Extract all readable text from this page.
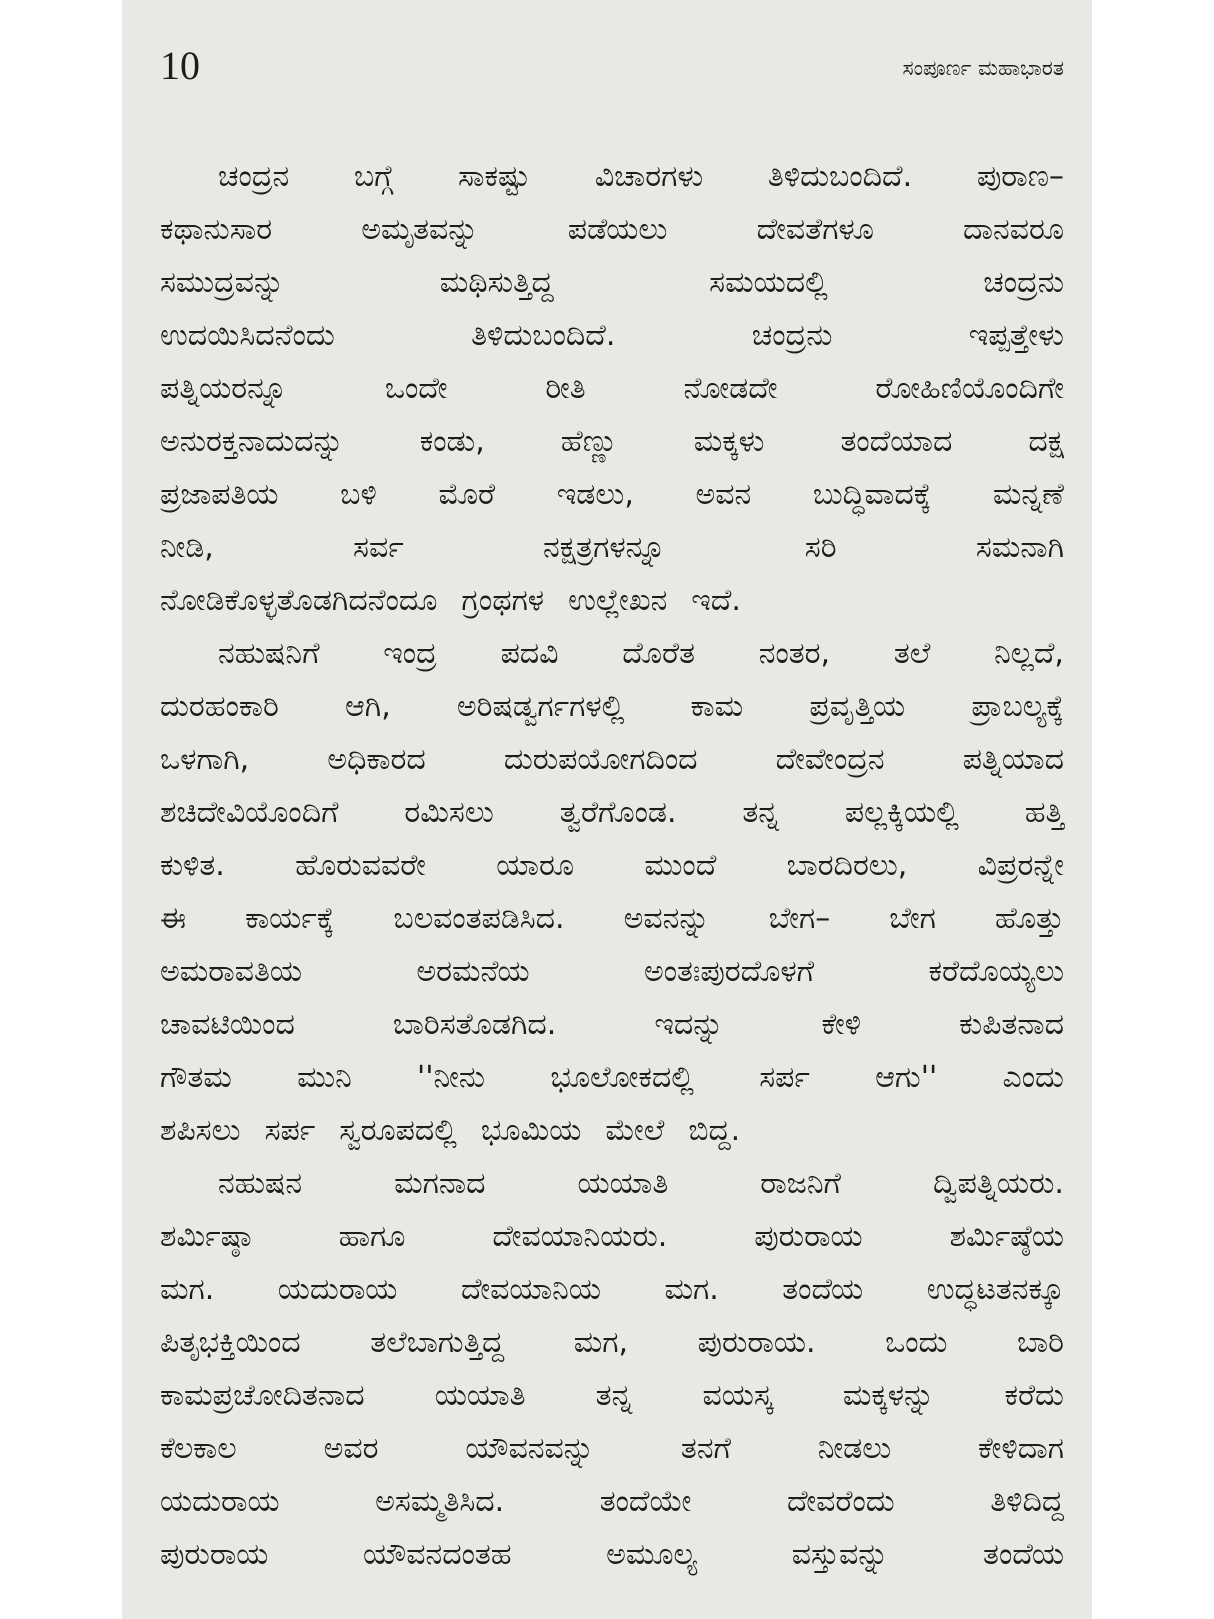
10	ಸಂಪೂರ್ಣ ಮಹಾಭಾರತ
ಚಂದ್ರನ ಬಗ್ಗೆ ಸಾಕಷ್ಟು ವಿಚಾರಗಳು ತಿಳಿದುಬಂದಿದೆ. ಪುರಾಣ–
ಕಥಾನುಸಾರ	ಅಮೃತವನ್ನು	ಪಡೆಯಲು	ದೇವತೆಗಳೂ	ದಾನವರೂ
ಸಮುದ್ರವನ್ನು	ಮಥಿಸುತ್ತಿದ್ದ	ಸಮಯದಲ್ಲಿ	ಚಂದ್ರನು
ಉದಯಿಸಿದನೆಂದು	ತಿಳಿದುಬಂದಿದೆ.	ಚಂದ್ರನು	ಇಪ್ಪತ್ತೇಳು
ಪತ್ನಿಯರನ್ನೂ	ಒಂದೇ	ರೀತಿ	ನೋಡದೇ	ರೋಹಿಣಿಯೊಂದಿಗೇ
ಅನುರಕ್ತನಾದುದನ್ನು	ಕಂಡು,	ಹೆಣ್ಣು	ಮಕ್ಕಳು	ತಂದೆಯಾದ	ದಕ್ಷ
ಪ್ರಜಾಪತಿಯ ಬಳಿ ಮೊರೆ ಇಡಲು, ಅವನ ಬುದ್ಧಿವಾದಕ್ಕೆ ಮನ್ನಣೆ
ನೀಡಿ,	ಸರ್ವ	ನಕ್ಷತ್ರಗಳನ್ನೂ	ಸರಿ	ಸಮನಾಗಿ
ನೋಡಿಕೊಳ್ಳತೊಡಗಿದನೆಂದೂ ಗ್ರಂಥಗಳ ಉಲ್ಲೇಖನ ಇದೆ.
ನಹುಷನಿಗೆ ಇಂದ್ರ ಪದವಿ ದೊರೆತ ನಂತರ, ತಲೆ ನಿಲ್ಲದೆ,
ದುರಹಂಕಾರಿ ಆಗಿ, ಅರಿಷಡ್ವರ್ಗಗಳಲ್ಲಿ ಕಾಮ ಪ್ರವೃತ್ತಿಯ ಪ್ರಾಬಲ್ಯಕ್ಕೆ
ಒಳಗಾಗಿ,	ಅಧಿಕಾರದ	ದುರುಪಯೋಗದಿಂದ	ದೇವೇಂದ್ರನ	ಪತ್ನಿಯಾದ
ಶಚಿದೇವಿಯೊಂದಿಗೆ ರಮಿಸಲು ತ್ವರೆಗೊಂಡ. ತನ್ನ ಪಲ್ಲಕ್ಕಿಯಲ್ಲಿ ಹತ್ತಿ
ಕುಳಿತ. ಹೊರುವವರೇ ಯಾರೂ ಮುಂದೆ ಬಾರದಿರಲು, ವಿಪ್ರರನ್ನೇ
ಈ ಕಾರ್ಯಕ್ಕೆ ಬಲವಂತಪಡಿಸಿದ. ಅವನನ್ನು ಬೇಗ– ಬೇಗ ಹೊತ್ತು
ಅಮರಾವತಿಯ	ಅರಮನೆಯ	ಅಂತಃಪುರದೊಳಗೆ	ಕರೆದೊಯ್ಯಲು
ಚಾವಟಿಯಿಂದ	ಬಾರಿಸತೊಡಗಿದ.	ಇದನ್ನು	ಕೇಳಿ	ಕುಪಿತನಾದ
ಗೌತಮ ಮುನಿ ''ನೀನು ಭೂಲೋಕದಲ್ಲಿ ಸರ್ಪ ಆಗು'' ಎಂದು
ಶಪಿಸಲು ಸರ್ಪ ಸ್ವರೂಪದಲ್ಲಿ ಭೂಮಿಯ ಮೇಲೆ ಬಿದ್ದ.
ನಹುಷನ	ಮಗನಾದ	ಯಯಾತಿ	ರಾಜನಿಗೆ	ದ್ವಿಪತ್ನಿಯರು.
ಶರ್ಮಿಷ್ಠಾ	ಹಾಗೂ	ದೇವಯಾನಿಯರು.	ಪುರುರಾಯ	ಶರ್ಮಿಷ್ಠೆಯ
ಮಗ. ಯದುರಾಯ ದೇವಯಾನಿಯ ಮಗ. ತಂದೆಯ ಉದ್ಧಟತನಕ್ಕೂ
ಪಿತೃಭಕ್ತಿಯಿಂದ ತಲೆಬಾಗುತ್ತಿದ್ದ ಮಗ, ಪುರುರಾಯ. ಒಂದು ಬಾರಿ
ಕಾಮಪ್ರಚೋದಿತನಾದ ಯಯಾತಿ ತನ್ನ ವಯಸ್ಕ ಮಕ್ಕಳನ್ನು ಕರೆದು
ಕೆಲಕಾಲ	ಅವರ	ಯೌವನವನ್ನು	ತನಗೆ	ನೀಡಲು	ಕೇಳಿದಾಗ
ಯದುರಾಯ	ಅಸಮ್ಮತಿಸಿದ.	ತಂದೆಯೇ	ದೇವರೆಂದು	ತಿಳಿದಿದ್ದ
ಪುರುರಾಯ	ಯೌವನದಂತಹ	ಅಮೂಲ್ಯ	ವಸ್ತುವನ್ನು	ತಂದೆಯ
